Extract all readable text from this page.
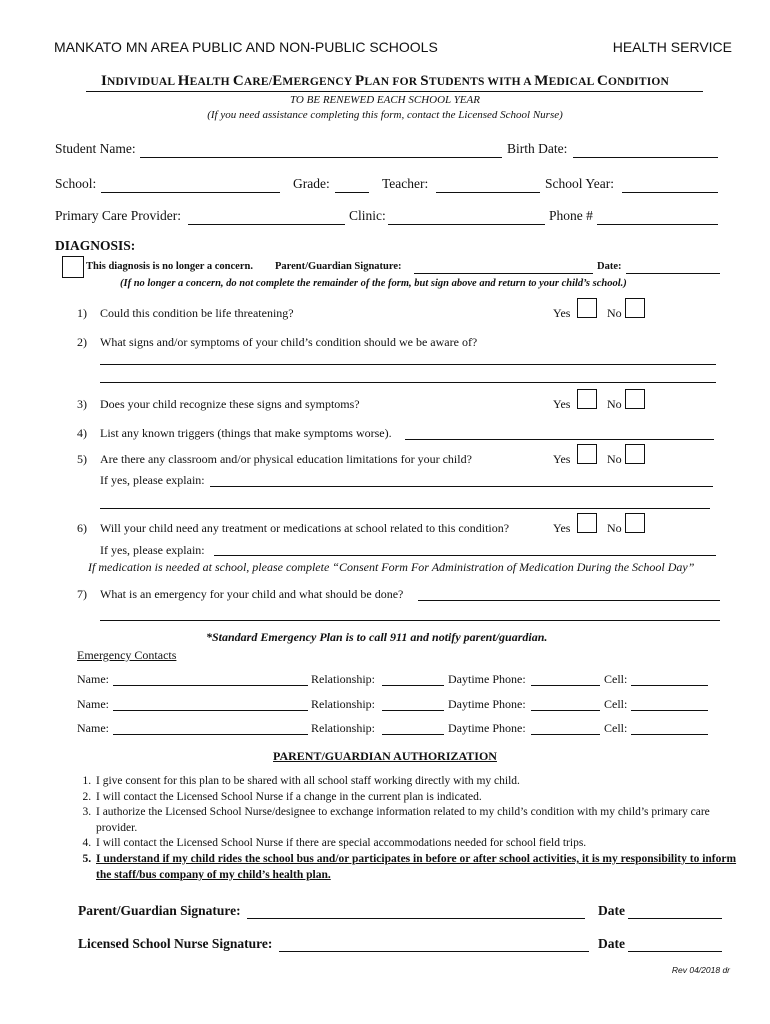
MANKATO MN AREA PUBLIC AND NON-PUBLIC SCHOOLS	HEALTH SERVICE
INDIVIDUAL HEALTH CARE/EMERGENCY PLAN FOR STUDENTS WITH A MEDICAL CONDITION
TO BE RENEWED EACH SCHOOL YEAR
(If you need assistance completing this form, contact the Licensed School Nurse)
Student Name:	Birth Date:
School:	Grade:	Teacher:	School Year:
Primary Care Provider:	Clinic:	Phone #
DIAGNOSIS:
This diagnosis is no longer a concern. Parent/Guardian Signature:	Date:
(If no longer a concern, do not complete the remainder of the form, but sign above and return to your child’s school.)
1) Could this condition be life threatening?	Yes	No
2) What signs and/or symptoms of your child’s condition should we be aware of?
3) Does your child recognize these signs and symptoms?	Yes	No
4) List any known triggers (things that make symptoms worse).
5) Are there any classroom and/or physical education limitations for your child?	Yes	No
If yes, please explain:
6) Will your child need any treatment or medications at school related to this condition?	Yes	No
If yes, please explain:
If medication is needed at school, please complete “Consent Form For Administration of Medication During the School Day”
7) What is an emergency for your child and what should be done?
*Standard Emergency Plan is to call 911 and notify parent/guardian.
Emergency Contacts
Name:	Relationship:	Daytime Phone:	Cell:
Name:	Relationship:	Daytime Phone:	Cell:
Name:	Relationship:	Daytime Phone:	Cell:
PARENT/GUARDIAN AUTHORIZATION
1. I give consent for this plan to be shared with all school staff working directly with my child.
2. I will contact the Licensed School Nurse if a change in the current plan is indicated.
3. I authorize the Licensed School Nurse/designee to exchange information related to my child’s condition with my child’s primary care provider.
4. I will contact the Licensed School Nurse if there are special accommodations needed for school field trips.
5. I understand if my child rides the school bus and/or participates in before or after school activities, it is my responsibility to inform the staff/bus company of my child’s health plan.
Parent/Guardian Signature:	Date
Licensed School Nurse Signature:	Date
Rev 04/2018 dr
